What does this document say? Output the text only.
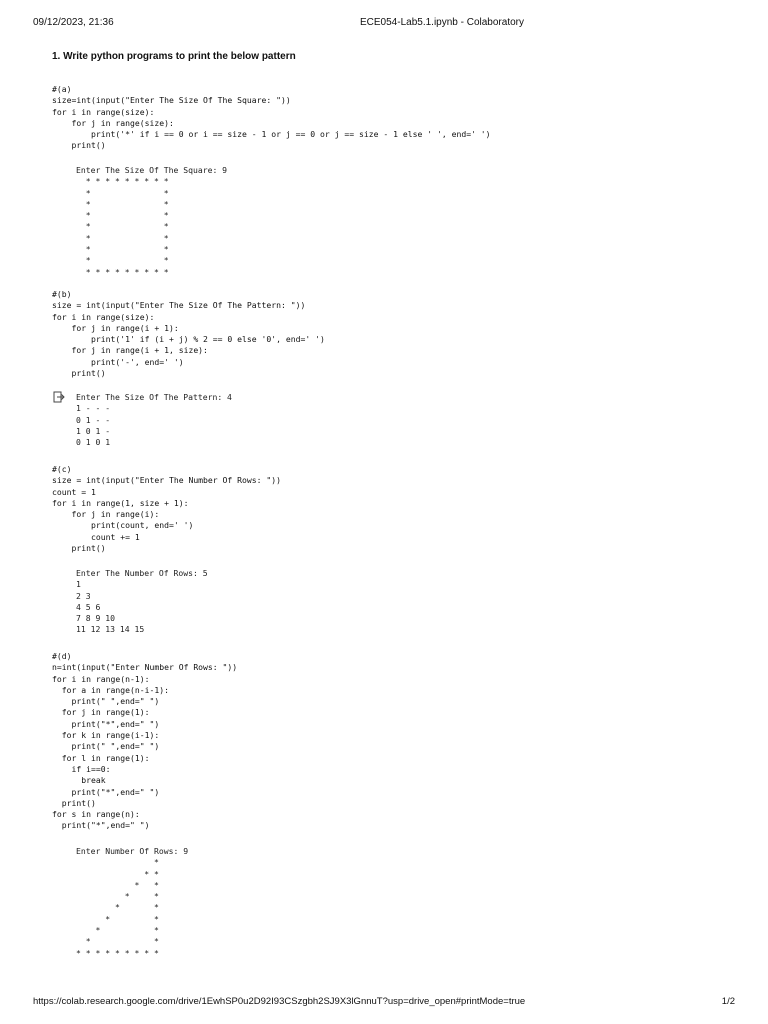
09/12/2023, 21:36	ECE054-Lab5.1.ipynb - Colaboratory
1. Write python programs to print the below pattern
#(a)
size=int(input("Enter The Size Of The Square: "))
for i in range(size):
for j in range(size):
print('*' if i == 0 or i == size - 1 or j == 0 or j == size - 1 else ' ', end=' ')
print()
Enter The Size Of The Square: 9
* * * * * * * * *
*               *
*               *
*               *
*               *
*               *
*               *
*               *
* * * * * * * * *
#(b)
size = int(input("Enter The Size Of The Pattern: "))
for i in range(size):
for j in range(i + 1):
print('1' if (i + j) % 2 == 0 else '0', end=' ')
for j in range(i + 1, size):
print('-', end=' ')
print()
Enter The Size Of The Pattern: 4
1 - - -
0 1 - -
1 0 1 -
0 1 0 1
#(c)
size = int(input("Enter The Number Of Rows: "))
count = 1
for i in range(1, size + 1):
for j in range(i):
print(count, end=' ')
count += 1
print()
Enter The Number Of Rows: 5
1
2 3
4 5 6
7 8 9 10
11 12 13 14 15
#(d)
n=int(input("Enter Number Of Rows: "))
for i in range(n-1):
for a in range(n-i-1):
print(" ",end=" ")
for j in range(1):
print("*",end=" ")
for k in range(i-1):
print(" ",end=" ")
for l in range(1):
if i==0:
break
print("*",end=" ")
print()
for s in range(n):
print("*",end=" ")
Enter Number Of Rows: 9
*
* *
*   *
*     *
*       *
*         *
*           *
*             *
* * * * * * * * *
https://colab.research.google.com/drive/1EwhSP0u2D92I93CSzgbh2SJ9X3lGnnuT?usp=drive_open#printMode=true	1/2
